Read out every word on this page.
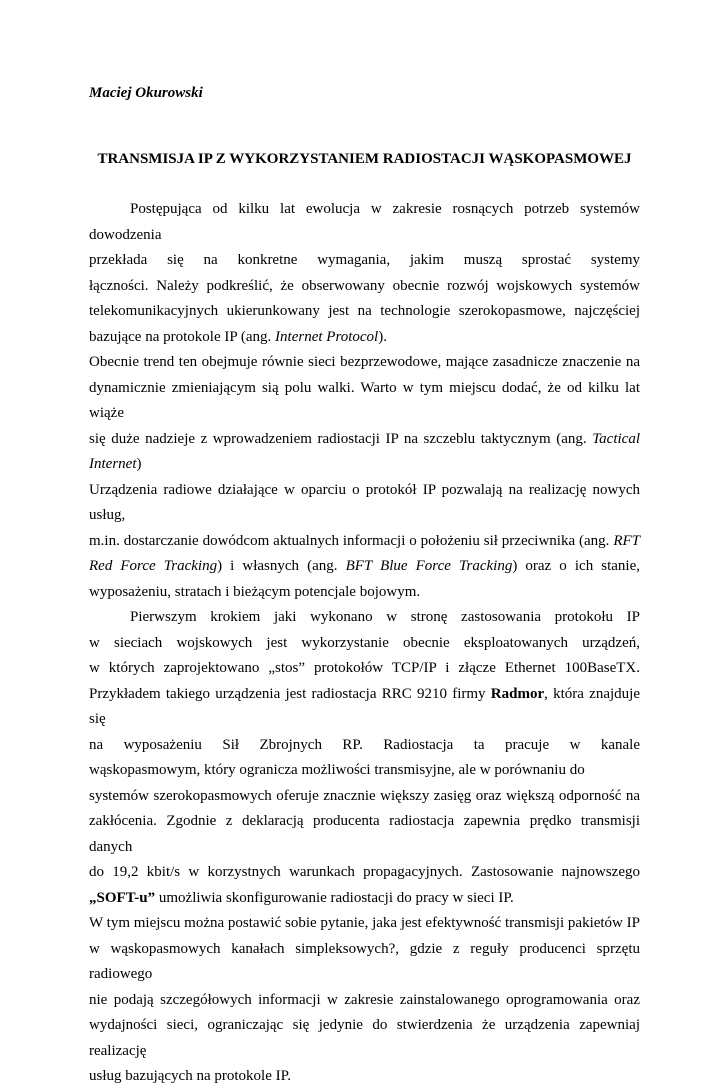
Maciej Okurowski
TRANSMISJA IP Z WYKORZYSTANIEM RADIOSTACJI WĄSKOPASMOWEJ
Postępująca od kilku lat ewolucja w zakresie rosnących potrzeb systemów dowodzenia
przekłada się na konkretne wymagania, jakim muszą sprostać systemy
łączności. Należy podkreślić, że obserwowany obecnie rozwój wojskowych systemów
telekomunikacyjnych ukierunkowany jest na technologie szerokopasmowe, najczęściej
bazujące na protokole IP (ang. Internet Protocol).
Obecnie trend ten obejmuje równie sieci bezprzewodowe, mające zasadnicze znaczenie na
dynamicznie zmieniającym sią polu walki. Warto w tym miejscu dodać, że od kilku lat wiąże
się duże nadzieje z wprowadzeniem radiostacji IP na szczeblu taktycznym (ang. Tactical
Internet)
Urządzenia radiowe działające w oparciu o protokół IP pozwalają na realizację nowych usług,
m.in. dostarczanie dowódcom aktualnych informacji o położeniu sił przeciwnika (ang. RFT
Red Force Tracking) i własnych (ang. BFT Blue Force Tracking) oraz o ich stanie,
wyposażeniu, stratach i bieżącym potencjale bojowym.
Pierwszym krokiem jaki wykonano w stronę zastosowania protokołu IP
w sieciach wojskowych jest wykorzystanie obecnie eksploatowanych urządzeń,
w których zaprojektowano „stos” protokołów TCP/IP i złącze Ethernet 100BaseTX.
Przykładem takiego urządzenia jest radiostacja RRC 9210 firmy Radmor, która znajduje się
na wyposażeniu Sił Zbrojnych RP. Radiostacja ta pracuje w kanale
wąskopasmowym, który ogranicza możliwości transmisyjne, ale w porównaniu do
systemów szerokopasmowych oferuje znacznie większy zasięg oraz większą odporność na
zakłócenia. Zgodnie z deklaracją producenta radiostacja zapewnia prędko transmisji danych
do 19,2 kbit/s w korzystnych warunkach propagacyjnych. Zastosowanie najnowszego
„SOFT-u” umożliwia skonfigurowanie radiostacji do pracy w sieci IP.
W tym miejscu można postawić sobie pytanie, jaka jest efektywność transmisji pakietów IP
w wąskopasmowych kanałach simpleksowych?, gdzie z reguły producenci sprzętu radiowego
nie podają szczegółowych informacji w zakresie zainstalowanego oprogramowania oraz
wydajności sieci, ograniczając się jedynie do stwierdzenia że urządzenia zapewniaj realizację
usług bazujących na protokole IP.
